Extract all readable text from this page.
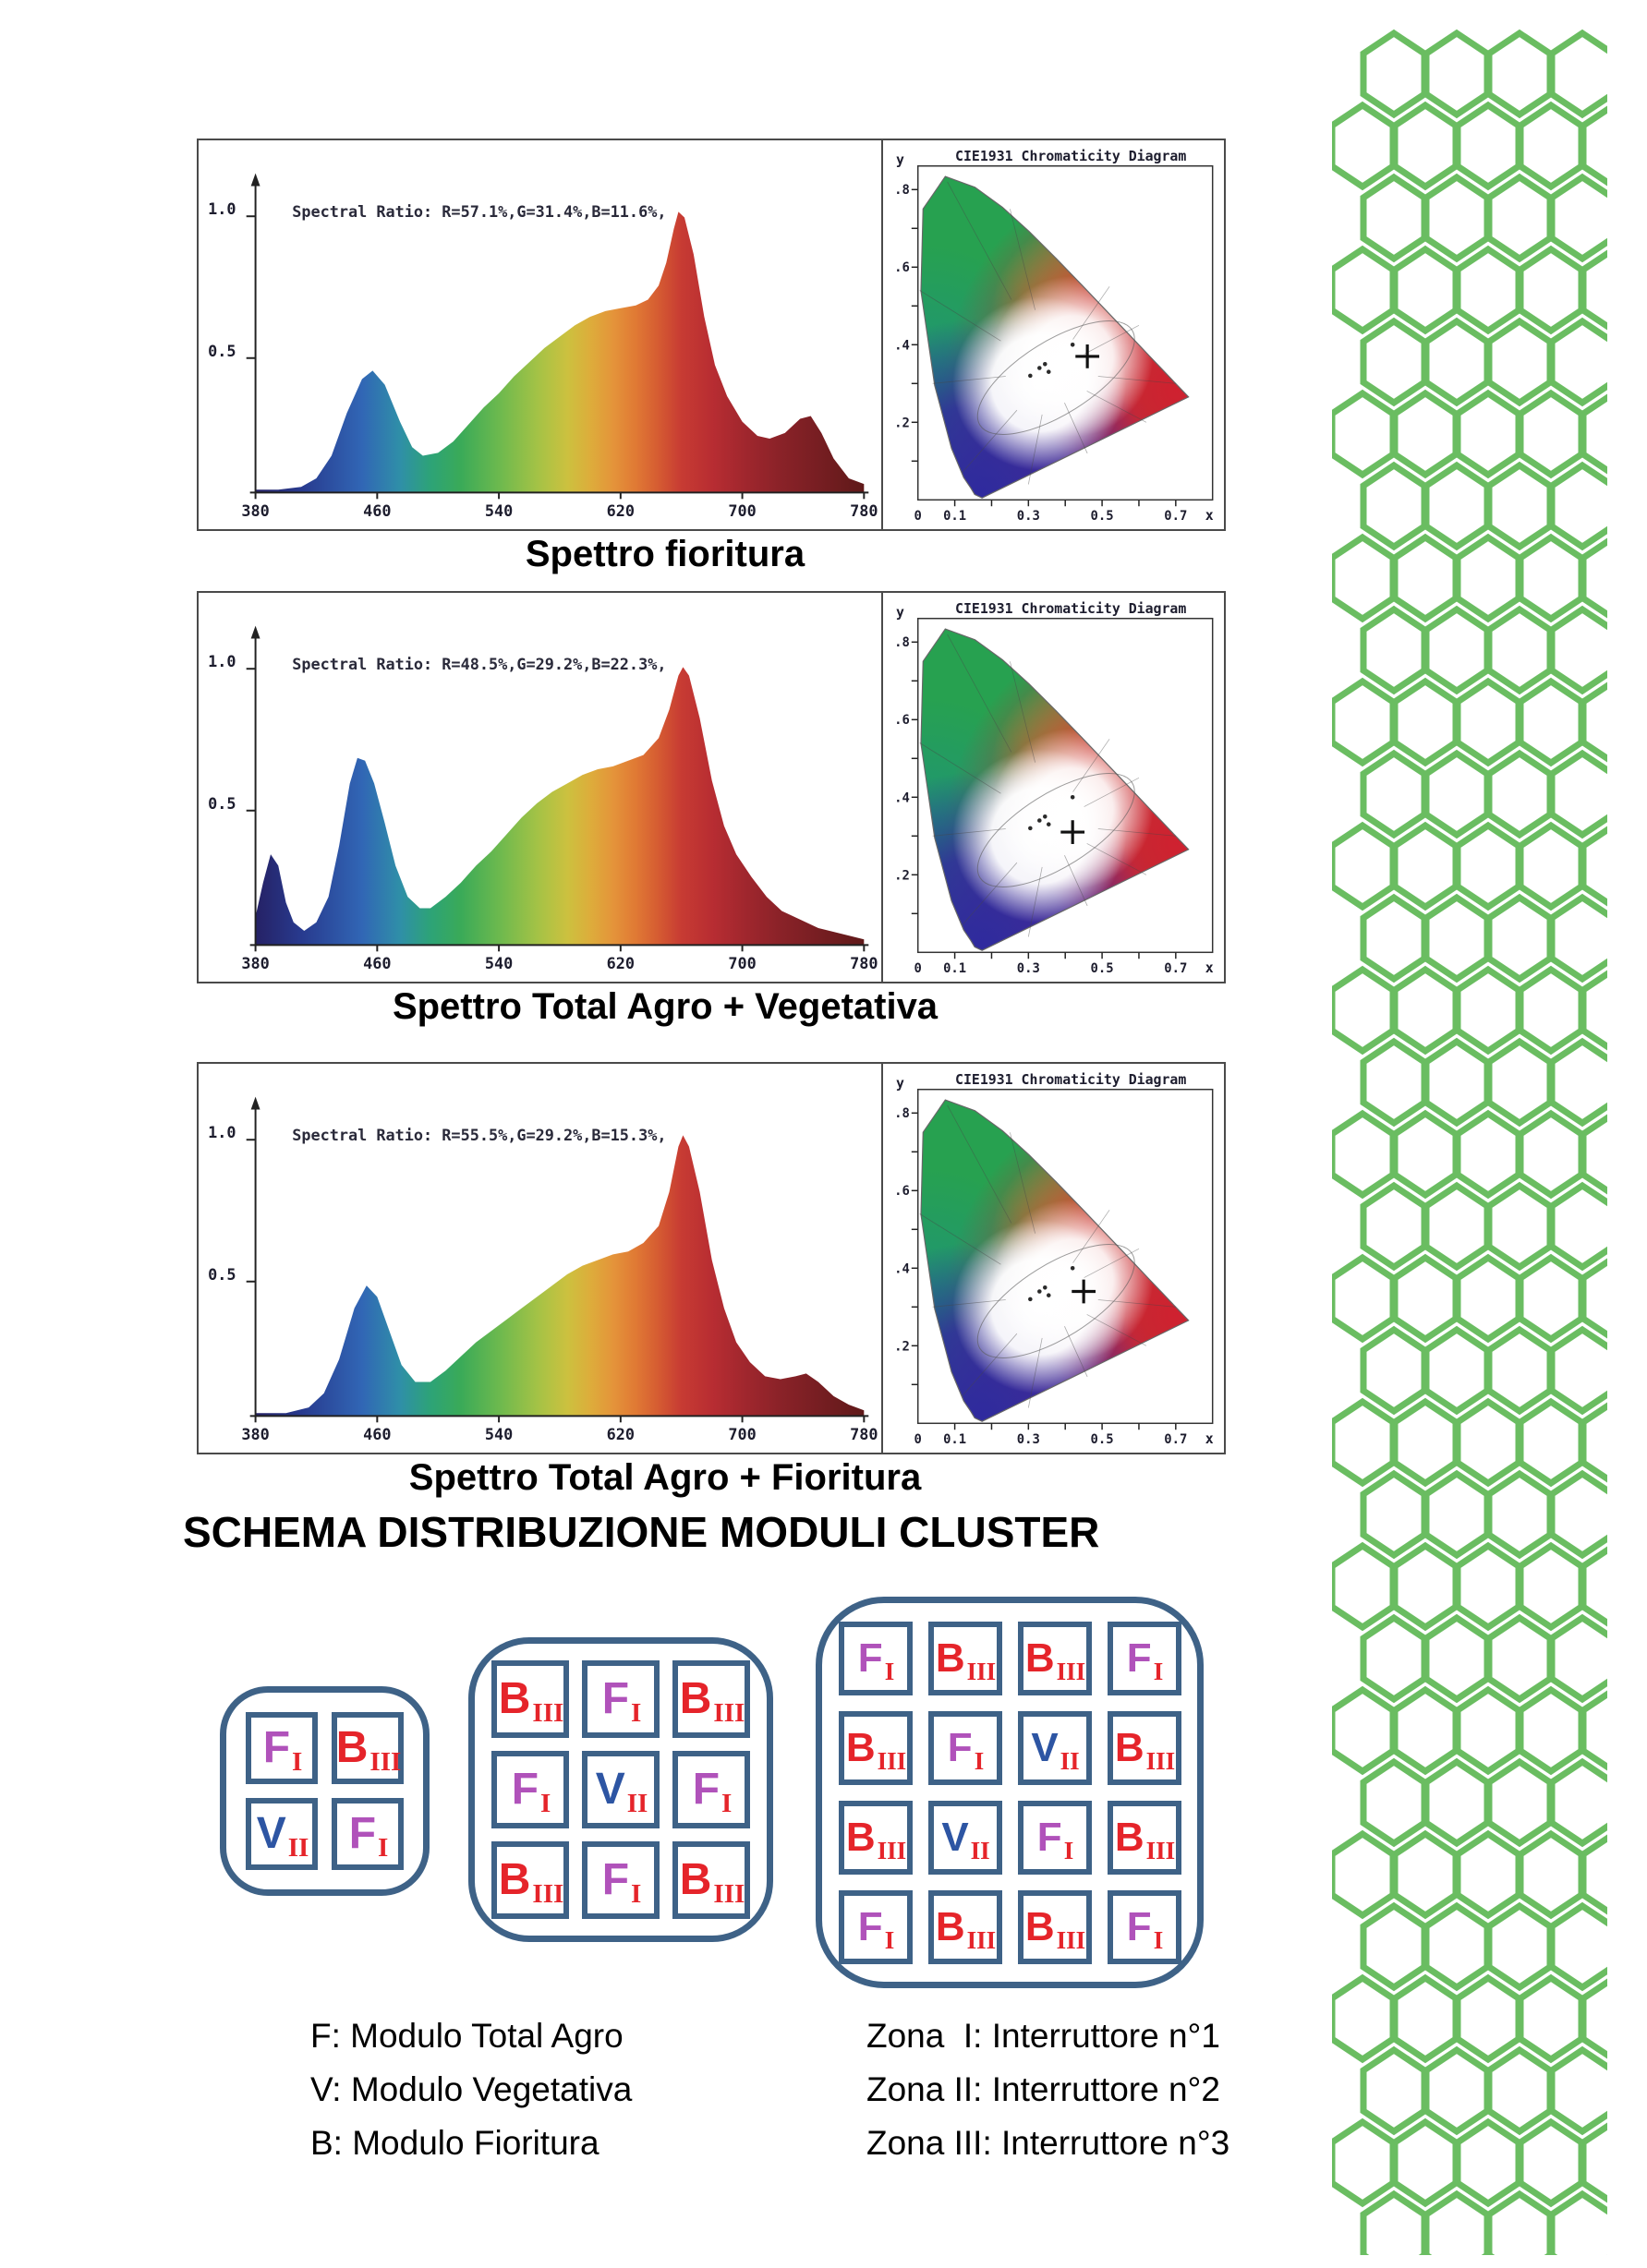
1.0
0.5
380	460	540	620	700	780
Spectral Ratio: R=57.1%,G=31.4%,B=11.6%,
0 0.1	0.3	0.5	0.7 x
.2
.4
.6
.8
y	CIE1931 Chromaticity Diagram
Spettro fioritura
1.0
0.5
380	460	540	620	700	780
Spectral Ratio: R=48.5%,G=29.2%,B=22.3%,
0 0.1	0.3	0.5	0.7 x
.2
.4
.6
.8
y	CIE1931 Chromaticity Diagram
Spettro Total Agro + Vegetativa
1.0
0.5
380	460	540	620	700	780
Spectral Ratio: R=55.5%,G=29.2%,B=15.3%,
0 0.1	0.3	0.5	0.7 x
.2
.4
.6
.8
y	CIE1931 Chromaticity Diagram
Spettro Total Agro + Fioritura
SCHEMA DISTRIBUZIONE MODULI CLUSTER
F I B III
V II F I
B III F I B III
F I V II F I
B III F I B III
F I B III B III F I
B III F I V II B III
B III V II F I B III
F I B III B III F I
F: Modulo Total Agro
V: Modulo Vegetativa
B: Modulo Fioritura
Zona  I: Interruttore n°1
Zona II: Interruttore n°2
Zona III: Interruttore n°3
